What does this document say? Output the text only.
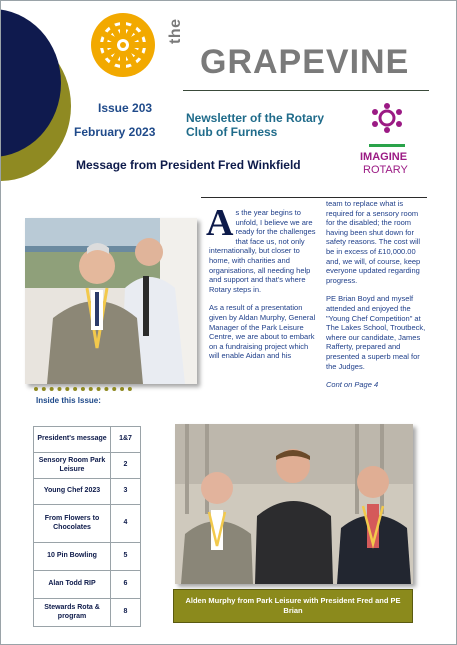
the
GRAPEVINE
Issue 203
February 2023
Newsletter of the Rotary Club of Furness
IMAGINE
ROTARY
Message from President Fred Winkfield
Inside this Issue:

As the year begins to unfold, I believe we are ready for the challenges that face us, not only internationally, but closer to home, with charities and organisations, all needing help and support and that's where Rotary steps in.

As a result of a presentation given by Aldan Murphy, General Manager of the Park Leisure Centre, we are about to embark on a fundraising project which will enable Aidan and his

team to replace what is required for a sensory room for the disabled; the room having been shut down for safety reasons. The cost will be in excess of £10,000.00 and, we will, of course, keep everyone updated regarding progress.

PE Brian Boyd and myself attended and enjoyed the "Young Chef Competition" at The Lakes School, Troutbeck, where our candidate, James Rafferty, prepared and presented a superb meal for the Judges.

Cont on Page 4

President's message	1&7
Sensory Room Park Leisure	2
Young Chef 2023	3
From Flowers to Chocolates	4
10 Pin Bowling	5
Alan Todd RIP	6
Stewards Rota & program	8
Alden Murphy from Park Leisure with President Fred and PE Brian
